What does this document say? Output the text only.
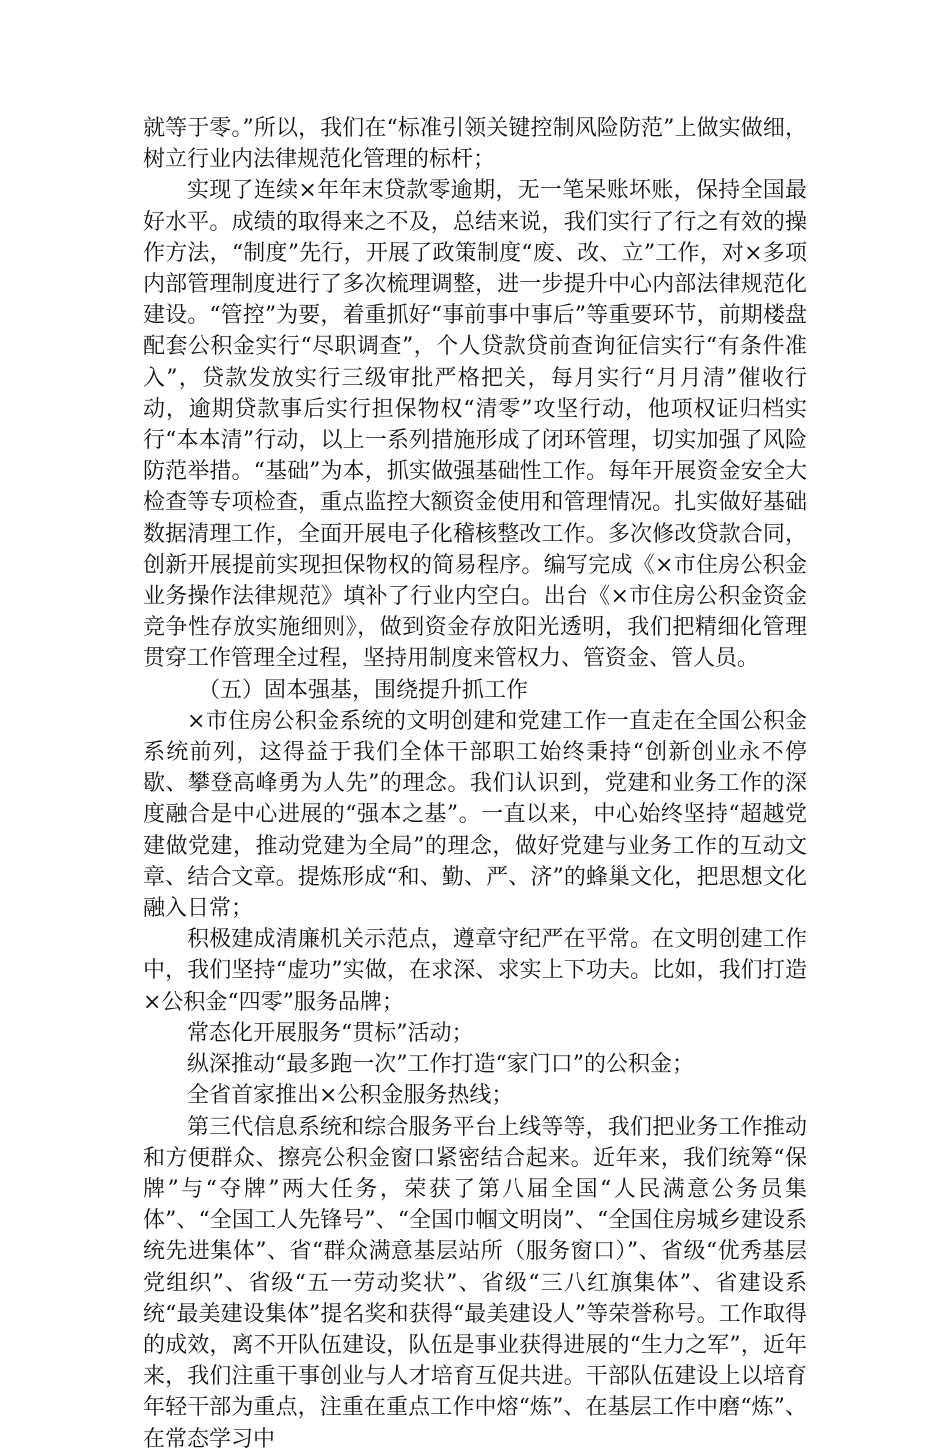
就等于零。”所以，我们在“标准引领关键控制风险防范”上做实做细，树立行业内法律规范化管理的标杆；

实现了连续×年年末贷款零逾期，无一笔呆账坏账，保持全国最好水平。成绩的取得来之不及，总结来说，我们实行了行之有效的操作方法，“制度”先行，开展了政策制度“废、改、立”工作，对×多项内部管理制度进行了多次梳理调整，进一步提升中心内部法律规范化建设。“管控”为要，着重抓好“事前事中事后”等重要环节，前期楼盘配套公积金实行“尽职调查”，个人贷款贷前查询征信实行“有条件准入”，贷款发放实行三级审批严格把关，每月实行“月月清”催收行动，逾期贷款事后实行担保物权“清零”攻坚行动，他项权证归档实行“本本清”行动，以上一系列措施形成了闭环管理，切实加强了风险防范举措。“基础”为本，抓实做强基础性工作。每年开展资金安全大检查等专项检查，重点监控大额资金使用和管理情况。扎实做好基础数据清理工作，全面开展电子化稽核整改工作。多次修改贷款合同，创新开展提前实现担保物权的简易程序。编写完成《×市住房公积金业务操作法律规范》填补了行业内空白。出台《×市住房公积金资金竞争性存放实施细则》，做到资金存放阳光透明，我们把精细化管理贯穿工作管理全过程，坚持用制度来管权力、管资金、管人员。

（五）固本强基，围绕提升抓工作

×市住房公积金系统的文明创建和党建工作一直走在全国公积金系统前列，这得益于我们全体干部职工始终秉持“创新创业永不停歇、攀登高峰勇为人先”的理念。我们认识到，党建和业务工作的深度融合是中心进展的“强本之基”。一直以来，中心始终坚持“超越党建做党建，推动党建为全局”的理念，做好党建与业务工作的互动文章、结合文章。提炼形成“和、勤、严、济”的蜂巢文化，把思想文化融入日常；

积极建成清廉机关示范点，遵章守纪严在平常。在文明创建工作中，我们坚持“虚功”实做，在求深、求实上下功夫。比如，我们打造×公积金“四零”服务品牌；

常态化开展服务“贯标”活动；

纵深推动“最多跑一次”工作打造“家门口”的公积金；

全省首家推出×公积金服务热线；

第三代信息系统和综合服务平台上线等等，我们把业务工作推动和方便群众、擦亮公积金窗口紧密结合起来。近年来，我们统筹“保牌”与“夺牌”两大任务，荣获了第八届全国“人民满意公务员集体”、“全国工人先锋号”、“全国巾帼文明岗”、“全国住房城乡建设系统先进集体”、省“群众满意基层站所（服务窗口）”、省级“优秀基层党组织”、省级“五一劳动奖状”、省级“三八红旗集体”、省建设系统“最美建设集体”提名奖和获得“最美建设人”等荣誉称号。工作取得的成效，离不开队伍建设，队伍是事业获得进展的“生力之军”，近年来，我们注重干事创业与人才培育互促共进。干部队伍建设上以培育年轻干部为重点，注重在重点工作中熔“炼”、在基层工作中磨“炼”、在常态学习中
